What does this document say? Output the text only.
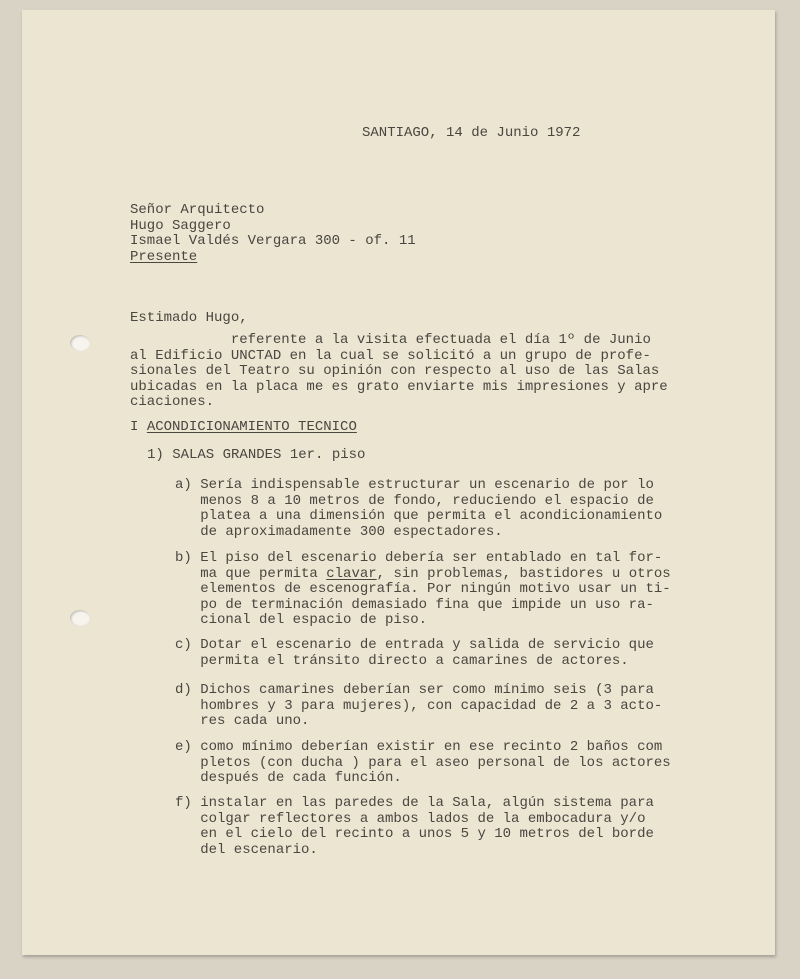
SANTIAGO, 14 de Junio 1972
Señor Arquitecto
Hugo Saggero
Ismael Valdés Vergara 300 - of. 11
Presente
Estimado Hugo,
referente a la visita efectuada el día 1º de Junio
al Edificio UNCTAD en la cual se solicitó a un grupo de profe-
sionales del Teatro su opinión con respecto al uso de las Salas
ubicadas en la placa me es grato enviarte mis impresiones y apre
ciaciones.
I ACONDICIONAMIENTO TECNICO
1) SALAS GRANDES 1er. piso
a) Sería indispensable estructurar un escenario de por lo
menos 8 a 10 metros de fondo, reduciendo el espacio de
platea a una dimensión que permita el acondicionamiento
de aproximadamente 300 espectadores.
b) El piso del escenario debería ser entablado en tal for-
ma que permita clavar, sin problemas, bastidores u otros
elementos de escenografía. Por ningún motivo usar un ti-
po de terminación demasiado fina que impide un uso ra-
cional del espacio de piso.
c) Dotar el escenario de entrada y salida de servicio que
permita el tránsito directo a camarines de actores.
d) Dichos camarines deberían ser como mínimo seis (3 para
hombres y 3 para mujeres), con capacidad de 2 a 3 acto-
res cada uno.
e) como mínimo deberían existir en ese recinto 2 baños com
pletos (con ducha ) para el aseo personal de los actores
después de cada función.
f) instalar en las paredes de la Sala, algún sistema para
colgar reflectores a ambos lados de la embocadura y/o
en el cielo del recinto a unos 5 y 10 metros del borde
del escenario.
